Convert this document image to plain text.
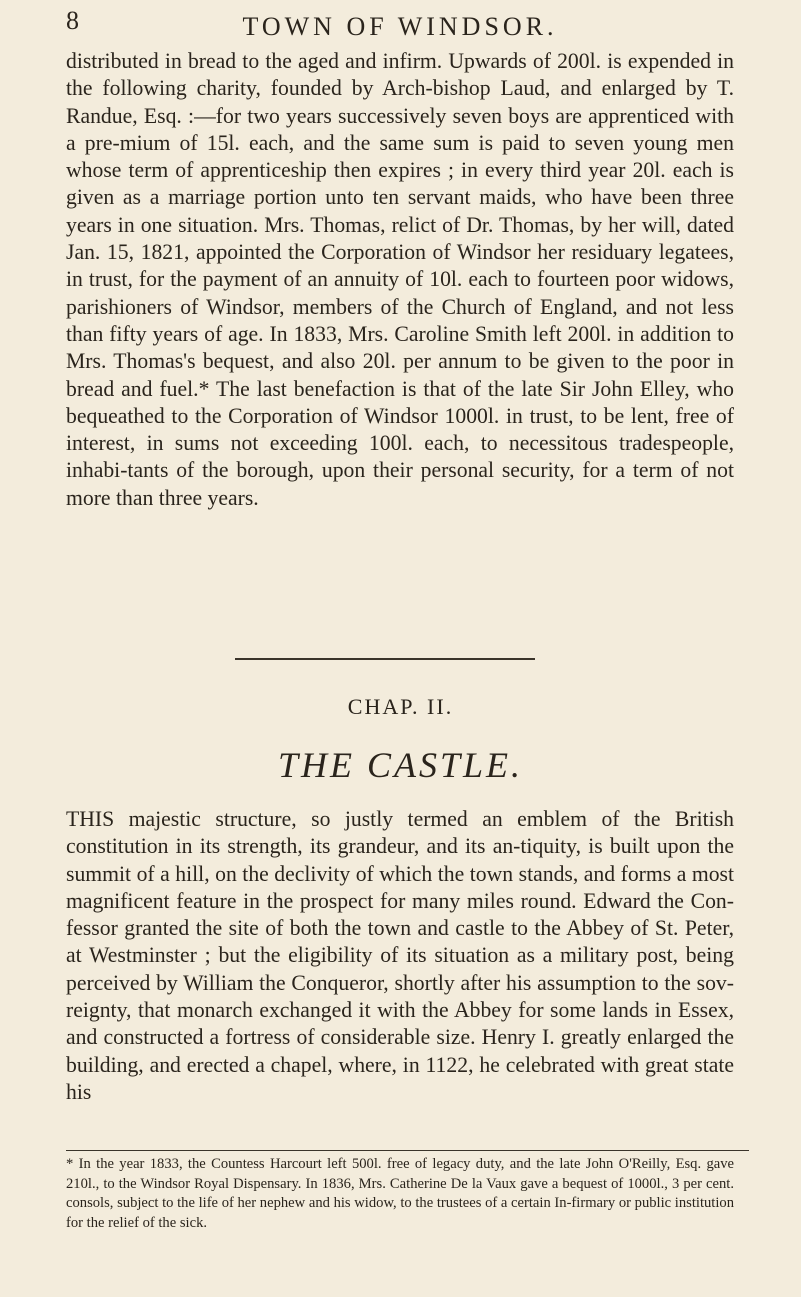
8	TOWN OF WINDSOR.
distributed in bread to the aged and infirm. Upwards of 200l. is expended in the following charity, founded by Arch-bishop Laud, and enlarged by T. Randue, Esq. :—for two years successively seven boys are apprenticed with a pre-mium of 15l. each, and the same sum is paid to seven young men whose term of apprenticeship then expires ; in every third year 20l. each is given as a marriage portion unto ten servant maids, who have been three years in one situation. Mrs. Thomas, relict of Dr. Thomas, by her will, dated Jan. 15, 1821, appointed the Corporation of Windsor her residuary legatees, in trust, for the payment of an annuity of 10l. each to fourteen poor widows, parishioners of Windsor, members of the Church of England, and not less than fifty years of age. In 1833, Mrs. Caroline Smith left 200l. in addition to Mrs. Thomas's bequest, and also 20l. per annum to be given to the poor in bread and fuel.* The last benefaction is that of the late Sir John Elley, who bequeathed to the Corporation of Windsor 1000l. in trust, to be lent, free of interest, in sums not exceeding 100l. each, to necessitous tradespeople, inhabi-tants of the borough, upon their personal security, for a term of not more than three years.
CHAP. II.
THE CASTLE.
THIS majestic structure, so justly termed an emblem of the British constitution in its strength, its grandeur, and its an-tiquity, is built upon the summit of a hill, on the declivity of which the town stands, and forms a most magnificent feature in the prospect for many miles round. Edward the Con-fessor granted the site of both the town and castle to the Abbey of St. Peter, at Westminster ; but the eligibility of its situation as a military post, being perceived by William the Conqueror, shortly after his assumption to the sov-reignty, that monarch exchanged it with the Abbey for some lands in Essex, and constructed a fortress of considerable size. Henry I. greatly enlarged the building, and erected a chapel, where, in 1122, he celebrated with great state his
* In the year 1833, the Countess Harcourt left 500l. free of legacy duty, and the late John O'Reilly, Esq. gave 210l., to the Windsor Royal Dispensary. In 1836, Mrs. Catherine De la Vaux gave a bequest of 1000l., 3 per cent. consols, subject to the life of her nephew and his widow, to the trustees of a certain In-firmary or public institution for the relief of the sick.
